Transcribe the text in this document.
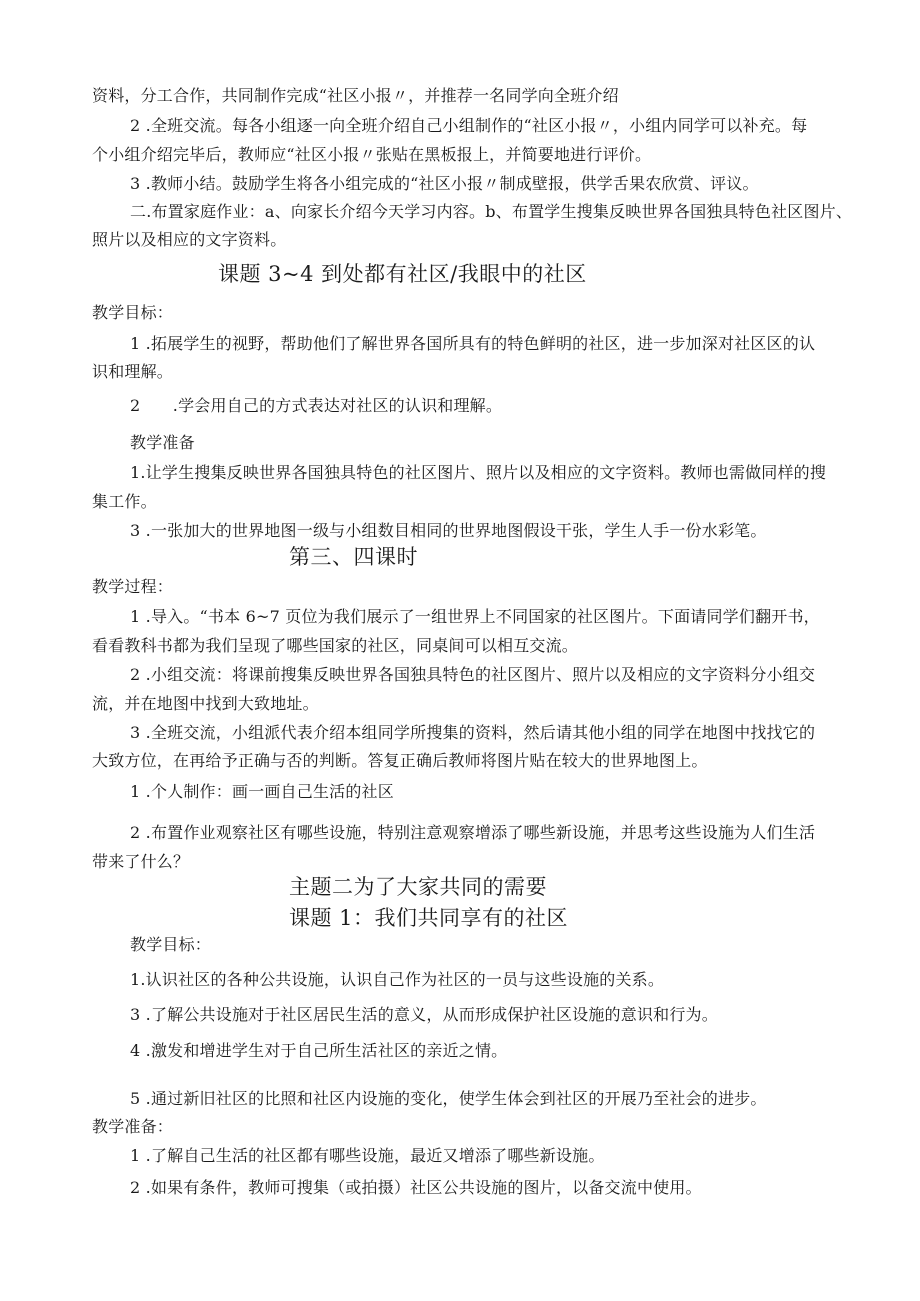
资料，分工合作，共同制作完成“社区小报〃，并推荐一名同学向全班介绍
2 .全班交流。每各小组逐一向全班介绍自己小组制作的“社区小报〃，小组内同学可以补充。每
个小组介绍完毕后，教师应“社区小报〃张贴在黑板报上，并简要地进行评价。
3 .教师小结。鼓励学生将各小组完成的“社区小报〃制成壁报，供学舌果农欣赏、评议。
二.布置家庭作业：a、向家长介绍今天学习内容。b、布置学生搜集反映世界各国独具特色社区图片、
照片以及相应的文字资料。
课题 3~4 到处都有社区/我眼中的社区
教学目标：
1 .拓展学生的视野，帮助他们了解世界各国所具有的特色鲜明的社区，进一步加深对社区区的认
识和理解。
2　　.学会用自己的方式表达对社区的认识和理解。
教学准备
1.让学生搜集反映世界各国独具特色的社区图片、照片以及相应的文字资料。教师也需做同样的搜
集工作。
3 .一张加大的世界地图一级与小组数目相同的世界地图假设干张，学生人手一份水彩笔。
第三、四课时
教学过程：
1 .导入。“书本 6~7 页位为我们展示了一组世界上不同国家的社区图片。下面请同学们翻开书，
看看教科书都为我们呈现了哪些国家的社区，同桌间可以相互交流。
2 .小组交流：将课前搜集反映世界各国独具特色的社区图片、照片以及相应的文字资料分小组交
流，并在地图中找到大致地址。
3 .全班交流，小组派代表介绍本组同学所搜集的资料，然后请其他小组的同学在地图中找找它的
大致方位，在再给予正确与否的判断。答复正确后教师将图片贴在较大的世界地图上。
1 .个人制作：画一画自己生活的社区
2 .布置作业观察社区有哪些设施，特别注意观察增添了哪些新设施，并思考这些设施为人们生活
带来了什么？
主题二为了大家共同的需要
课题 1：我们共同享有的社区
教学目标：
1.认识社区的各种公共设施，认识自己作为社区的一员与这些设施的关系。
3 .了解公共设施对于社区居民生活的意义，从而形成保护社区设施的意识和行为。
4 .激发和增进学生对于自己所生活社区的亲近之情。
5 .通过新旧社区的比照和社区内设施的变化，使学生体会到社区的开展乃至社会的进步。
教学准备：
1 .了解自己生活的社区都有哪些设施，最近又增添了哪些新设施。
2 .如果有条件，教师可搜集（或拍摄）社区公共设施的图片，以备交流中使用。
